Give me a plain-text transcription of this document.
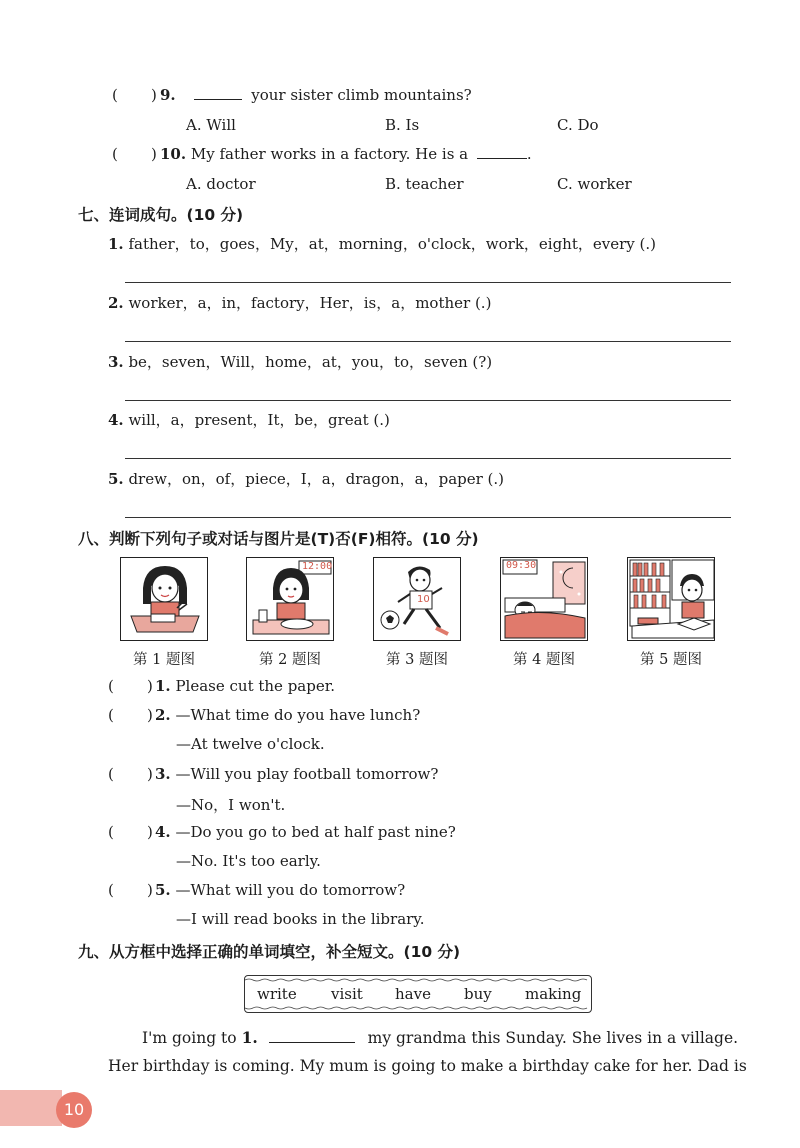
( ) 9.	your sister climb mountains?
A. Will	B. Is	C. Do
( ) 10. My father works in a factory. He is a	.
A. doctor	B. teacher	C. worker
七、连词成句。(10 分)
1. father，to，goes，My，at，morning，o'clock，work，eight，every (.)
2. worker，a，in，factory，Her，is，a，mother (.)
3. be，seven，Will，home，at，you，to，seven (?)
4. will，a，present，It，be，great (.)
5. drew，on，of，piece，I，a，dragon，a，paper (.)
八、判断下列句子或对话与图片是(T)否(F)相符。(10 分)
12:00
10
09:30
第 1 题图	第 2 题图	第 3 题图	第 4 题图	第 5 题图
( ) 1. Please cut the paper.
( ) 2. —What time do you have lunch?
—At twelve o'clock.
( ) 3. —Will you play football tomorrow?
—No，I won't.
( ) 4. —Do you go to bed at half past nine?
—No. It's too early.
( ) 5. —What will you do tomorrow?
—I will read books in the library.
九、从方框中选择正确的单词填空，补全短文。(10 分)
write visit have buy making
I'm going to 1.	my grandma this Sunday. She lives in a village.
Her birthday is coming. My mum is going to make a birthday cake for her. Dad is
10
